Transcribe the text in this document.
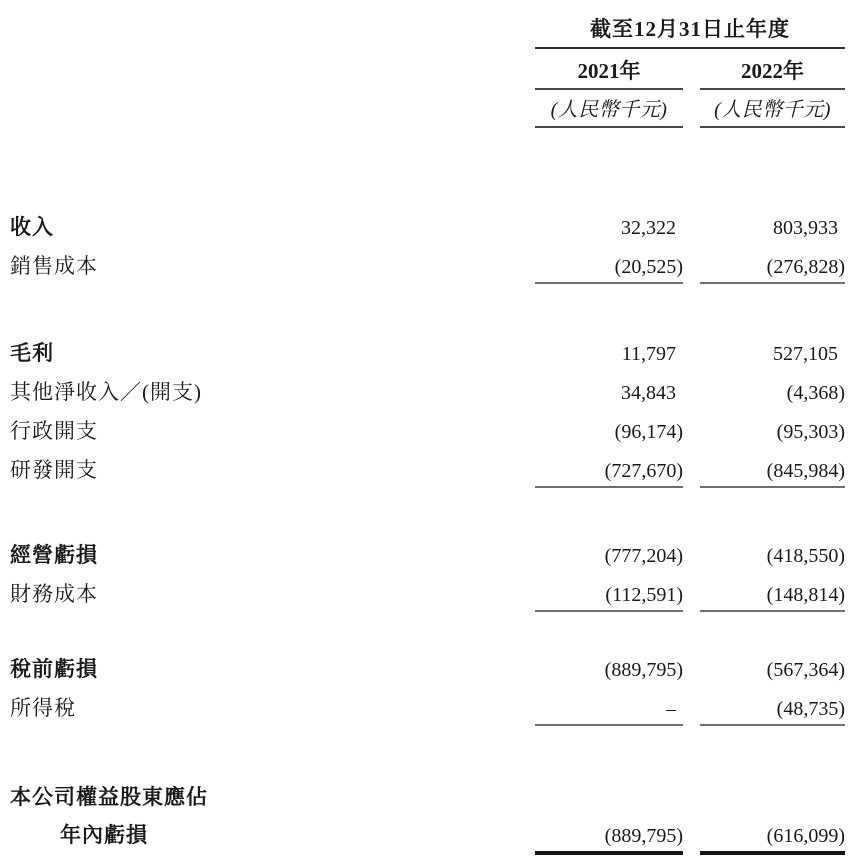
截至12月31日止年度
2021年	2022年
(人民幣千元)	(人民幣千元)
收入	32,322	803,933
銷售成本	(20,525)	(276,828)
毛利	11,797	527,105
其他淨收入／(開支)	34,843	(4,368)
行政開支	(96,174)	(95,303)
研發開支	(727,670)	(845,984)
經營虧損	(777,204)	(418,550)
財務成本	(112,591)	(148,814)
稅前虧損	(889,795)	(567,364)
所得稅	–	(48,735)
本公司權益股東應佔
年內虧損	(889,795)	(616,099)
